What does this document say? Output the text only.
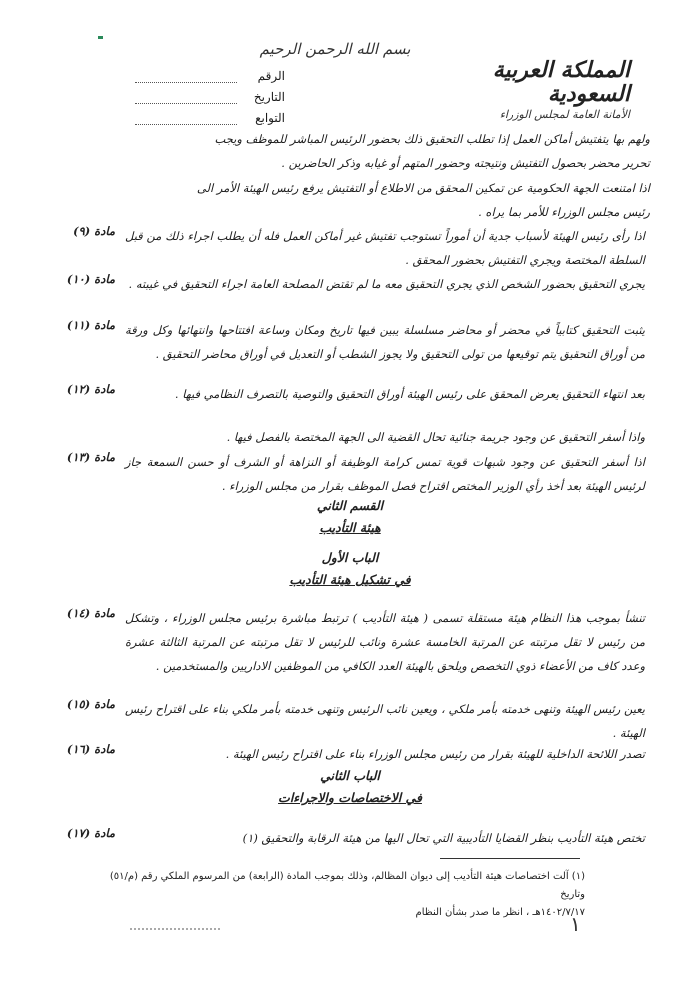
بسم الله الرحمن الرحيم
المملكة العربية السعودية
الأمانة العامة لمجلس الوزراء
الرقم
التاريخ
التوابع
ولهم بها يتفتيش أماكن العمل إذا تطلب التحقيق ذلك بحضور الرئيس المباشر للموظف ويجب
تحرير محضر بحصول التفتيش ونتيجته وحضور المتهم أو غيابه وذكر الحاضرين .
اذا امتنعت الجهة الحكومية عن تمكين المحقق من الاطلاع أو التفتيش يرفع رئيس الهيئة الأمر الى
رئيس مجلس الوزراء للأمر بما يراه .
مادة (٩) اذا رأى رئيس الهيئة لأسباب جدية أن أموراً تستوجب تفتيش غير أماكن العمل فله أن يطلب اجراء ذلك من قبل السلطة المختصة ويجري التفتيش بحضور المحقق .
مادة (١٠)	يجري التحقيق بحضور الشخص الذي يجري التحقيق معه ما لم تقتض المصلحة العامة اجراء التحقيق في غيبته .
مادة (١١) يثبت التحقيق كتابياً في محضر أو محاضر مسلسلة يبين فيها تاريخ ومكان وساعة افتتاحها وانتهائها وكل ورقة من أوراق التحقيق يتم توقيعها من تولى التحقيق ولا يجوز الشطب أو التعديل في أوراق محاضر التحقيق .
مادة (١٢)	بعد انتهاء التحقيق يعرض المحقق على رئيس الهيئة أوراق التحقيق والتوصية بالتصرف النظامي فيها .
واذا أسفر التحقيق عن وجود جريمة جنائية تحال القضية الى الجهة المختصة بالفصل فيها .
مادة (١٣) اذا أسفر التحقيق عن وجود شبهات قوية تمس كرامة الوظيفة أو النزاهة أو الشرف أو حسن السمعة جاز لرئيس الهيئة بعد أخذ رأي الوزير المختص اقتراح فصل الموظف بقرار من مجلس الوزراء .
القسم الثاني
هيئة التأديب
الباب الأول
في تشكيل هيئة التأديب
مادة (١٤) تنشأ بموجب هذا النظام هيئة مستقلة تسمى ( هيئة التأديب ) ترتبط مباشرة برئيس مجلس الوزراء ، وتشكل من رئيس لا تقل مرتبته عن المرتبة الخامسة عشرة ونائب للرئيس لا تقل مرتبته عن المرتبة الثالثة عشرة وعدد كاف من الأعضاء ذوي التخصص ويلحق بالهيئة العدد الكافي من الموظفين الاداريين والمستخدمين .
مادة (١٥) يعين رئيس الهيئة وتنهى خدمته بأمر ملكي ، ويعين نائب الرئيس وتنهى خدمته بأمر ملكي بناء على اقتراح رئيس الهيئة .
مادة (١٦)	تصدر اللائحة الداخلية للهيئة بقرار من رئيس مجلس الوزراء بناء على اقتراح رئيس الهيئة .
الباب الثاني
في الاختصاصات والاجراءات
مادة (١٧)	تختص هيئة التأديب بنظر القضايا التأديبية التي تحال اليها من هيئة الرقابة والتحقيق (١)
(١) آلت اختصاصات هيئة التأديب إلى ديوان المظالم، وذلك بموجب المادة (الرابعة) من المرسوم الملكي رقم (م/٥١) وتاريخ
١٤٠٢/٧/١٧هـ ، انظر ما صدر بشأن النظام
١
